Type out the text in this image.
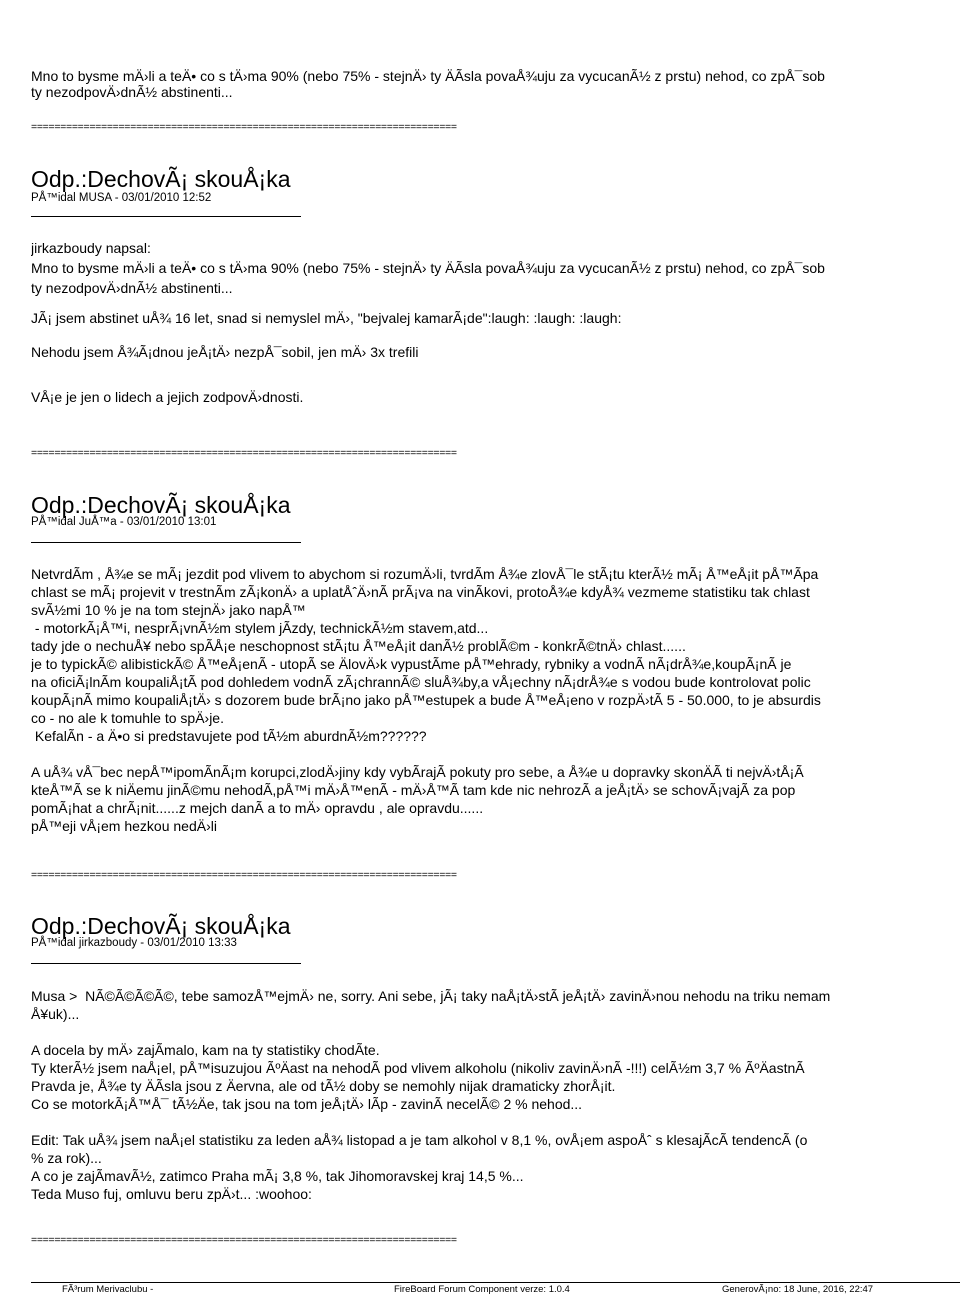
Mno to bysme mÄ›li a teÄ• co s tÄ›ma 90% (nebo 75% - stejnÄ› ty ÄÃsla povaÅ¾uju za vycucanÃ½ z prstu) nehod, co zpÅ¯sob
ty nezodpovÄ›dnÃ½ abstinenti...
=========================================================================
Odp.:DechovÃ¡ skouÅ¡ka
PÅ™idal MUSA - 03/01/2010 12:52
jirkazboudy napsal:
Mno to bysme mÄ›li a teÄ• co s tÄ›ma 90% (nebo 75% - stejnÄ› ty ÄÃsla povaÅ¾uju za vycucanÃ½ z prstu) nehod, co zpÅ¯sob
ty nezodpovÄ›dnÃ½ abstinenti...
JÃ¡ jsem abstinet uÅ¾ 16 let, snad si nemyslel mÄ›, "bejvalej kamarÃ¡de":laugh: :laugh: :laugh:
Nehodu jsem Å¾Ã¡dnou jeÅ¡tÄ› nezpÅ¯sobil, jen mÄ› 3x trefili
VÅ¡e je jen o lidech a jejich zodpovÄ›dnosti.
=========================================================================
Odp.:DechovÃ¡ skouÅ¡ka
PÅ™idal JuÅ™a - 03/01/2010 13:01
NetvrdÃm , Å¾e se mÃ¡ jezdit pod vlivem to abychom si rozumÄ›li, tvrdÃm Å¾e zlovÅ¯le stÃ¡tu kterÃ½ mÃ¡ Å™eÅ¡it pÅ™Ãpa
chlast se mÃ¡ projevit v trestnÃm zÃ¡konÄ› a uplatÅˆÄ›nÃ prÃ¡va na vinÃkovi, protoÅ¾e kdyÅ¾ vezmeme statistiku tak chlast
svÃ½mi 10 % je na tom stejnÄ› jako napÅ™
- motorkÃ¡Å™i, nesprÃ¡vnÃ½m stylem jÃzdy, technickÃ½m stavem,atd...
tady jde o nechuÅ¥ nebo spÃÅ¡e neschopnost stÃ¡tu Å™eÅ¡it danÃ½ problÃ©m - konkrÃ©tnÄ› chlast......
je to typickÃ© alibistickÃ© Å™eÅ¡enÃ - utopÃ se ÄlovÄ›k vypustÃme pÅ™ehrady, rybniky a vodnÃ nÃ¡drÅ¾e,koupÃ¡nÃ je
na oficiÃ¡lnÃm koupaliÅ¡tÃ pod dohledem vodnÃ zÃ¡chrannÃ© sluÅ¾by,a vÅ¡echny nÃ¡drÅ¾e s vodou bude kontrolovat polic
koupÃ¡nÃ mimo koupaliÅ¡tÄ› s dozorem bude brÃ¡no jako pÅ™estupek a bude Å™eÅ¡eno v rozpÄ›tÃ 5 - 50.000, to je absurdis
co - no ale k tomuhle to spÄ›je.
KefalÃn - a Ä•o si predstavujete pod tÃ½m aburdnÃ½m??????
A uÅ¾ vÅ¯bec nepÅ™ipomÃnÃ¡m korupci,zlodÄ›jiny kdy vybÃrajÃ pokuty pro sebe, a Å¾e u dopravky skonÄÃ ti nejvÄ›tÅ¡Ã
kteÅ™Ã se k niÄemu jinÃ©mu nehodÃ,pÅ™i mÄ›Å™enÃ - mÄ›Å™Ã tam kde nic nehrozÃ a jeÅ¡tÄ› se schovÃ¡vajÃ za pop
pomÃ¡hat a chrÃ¡nit......z mejch danÃ a to mÄ› opravdu , ale opravdu......
pÅ™eji vÅ¡em hezkou nedÄ›li
=========================================================================
Odp.:DechovÃ¡ skouÅ¡ka
PÅ™idal jirkazboudy - 03/01/2010 13:33
Musa >  NÃ©Ã©Ã©Ã©, tebe samozÅ™ejmÄ› ne, sorry. Ani sebe, jÃ¡ taky naÅ¡tÄ›stÃ jeÅ¡tÄ› zavinÄ›nou nehodu na triku nemam
Å¥uk)...
A docela by mÄ› zajÃmalo, kam na ty statistiky chodÃte.
Ty kterÃ½ jsem naÅ¡el, pÅ™isuzujou ÃºÄast na nehodÃ pod vlivem alkoholu (nikoliv zavinÄ›nÃ -!!!) celÃ½m 3,7 % ÃºÄastnÃ
Pravda je, Å¾e ty ÄÃsla jsou z Äervna, ale od tÃ½ doby se nemohly nijak dramaticky zhorÅ¡it.
Co se motorkÃ¡Å™Å¯ tÃ½Äe, tak jsou na tom jeÅ¡tÄ› lÃp - zavinÃ necelÃ© 2 % nehod...
Edit: Tak uÅ¾ jsem naÅ¡el statistiku za leden aÅ¾ listopad a je tam alkohol v 8,1 %, ovÅ¡em aspoÅˆ s klesajÃcÃ tendencÃ (o
% za rok)...
A co je zajÃmavÃ½, zatimco Praha mÃ¡ 3,8 %, tak Jihomoravskej kraj 14,5 %...
Teda Muso fuj, omluvu beru zpÄ›t... :woohoo:
=========================================================================
FÃ³rum Merivaclubu -	FireBoard Forum Component verze: 1.0.4	GenerovÃ¡no: 18 June, 2016, 22:47
